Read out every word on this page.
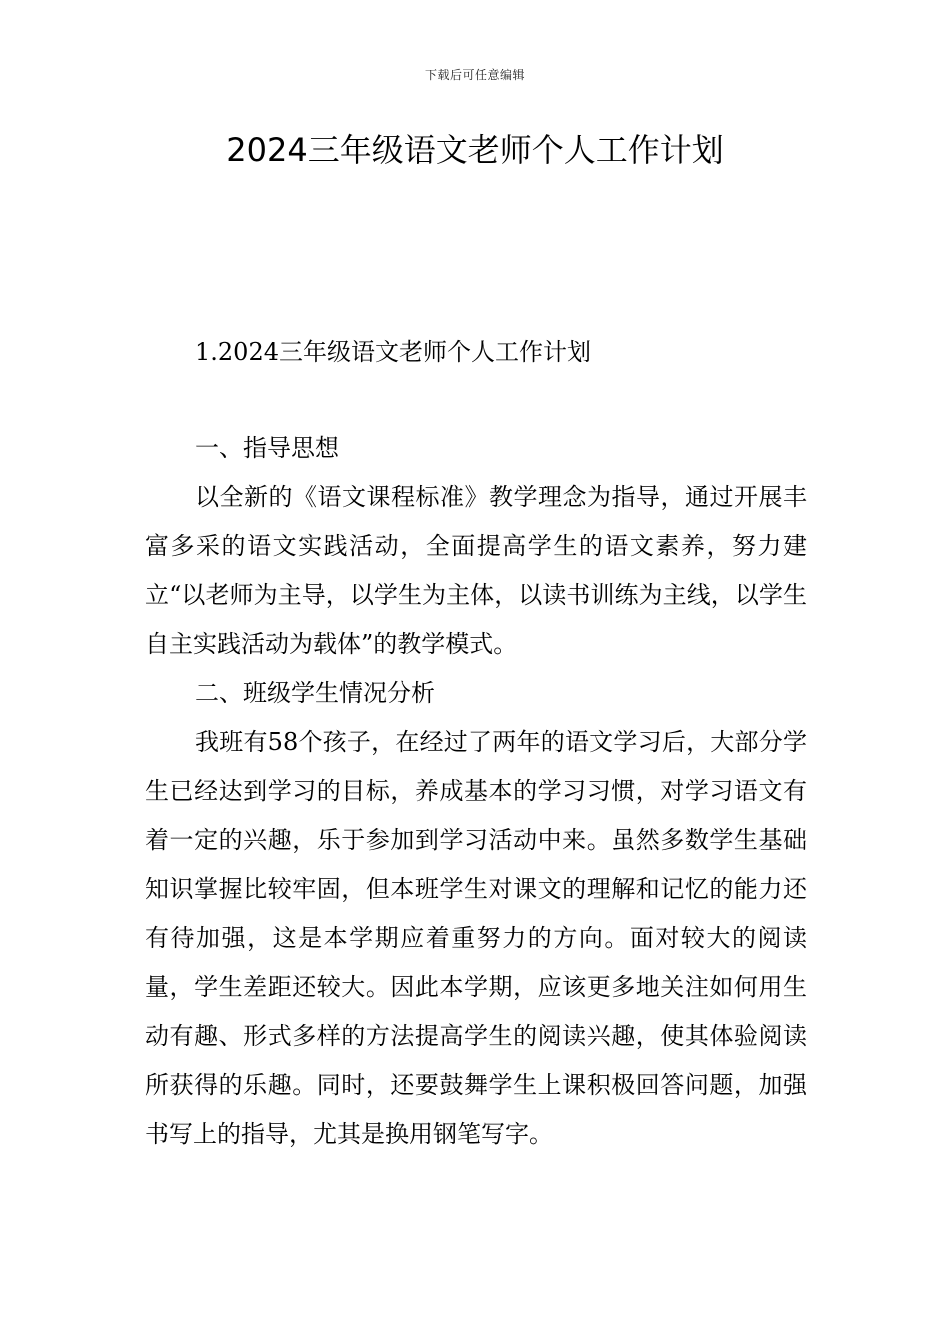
下载后可任意编辑
2024三年级语文老师个人工作计划
1.2024三年级语文老师个人工作计划
一、指导思想

以全新的《语文课程标准》教学理念为指导，通过开展丰富多采的语文实践活动，全面提高学生的语文素养，努力建立“以老师为主导，以学生为主体，以读书训练为主线，以学生自主实践活动为载体”的教学模式。

二、班级学生情况分析

我班有58个孩子，在经过了两年的语文学习后，大部分学生已经达到学习的目标，养成基本的学习习惯，对学习语文有着一定的兴趣，乐于参加到学习活动中来。虽然多数学生基础知识掌握比较牢固，但本班学生对课文的理解和记忆的能力还有待加强，这是本学期应着重努力的方向。面对较大的阅读量，学生差距还较大。因此本学期，应该更多地关注如何用生动有趣、形式多样的方法提高学生的阅读兴趣，使其体验阅读所获得的乐趣。同时，还要鼓舞学生上课积极回答问题，加强书写上的指导，尤其是换用钢笔写字。
